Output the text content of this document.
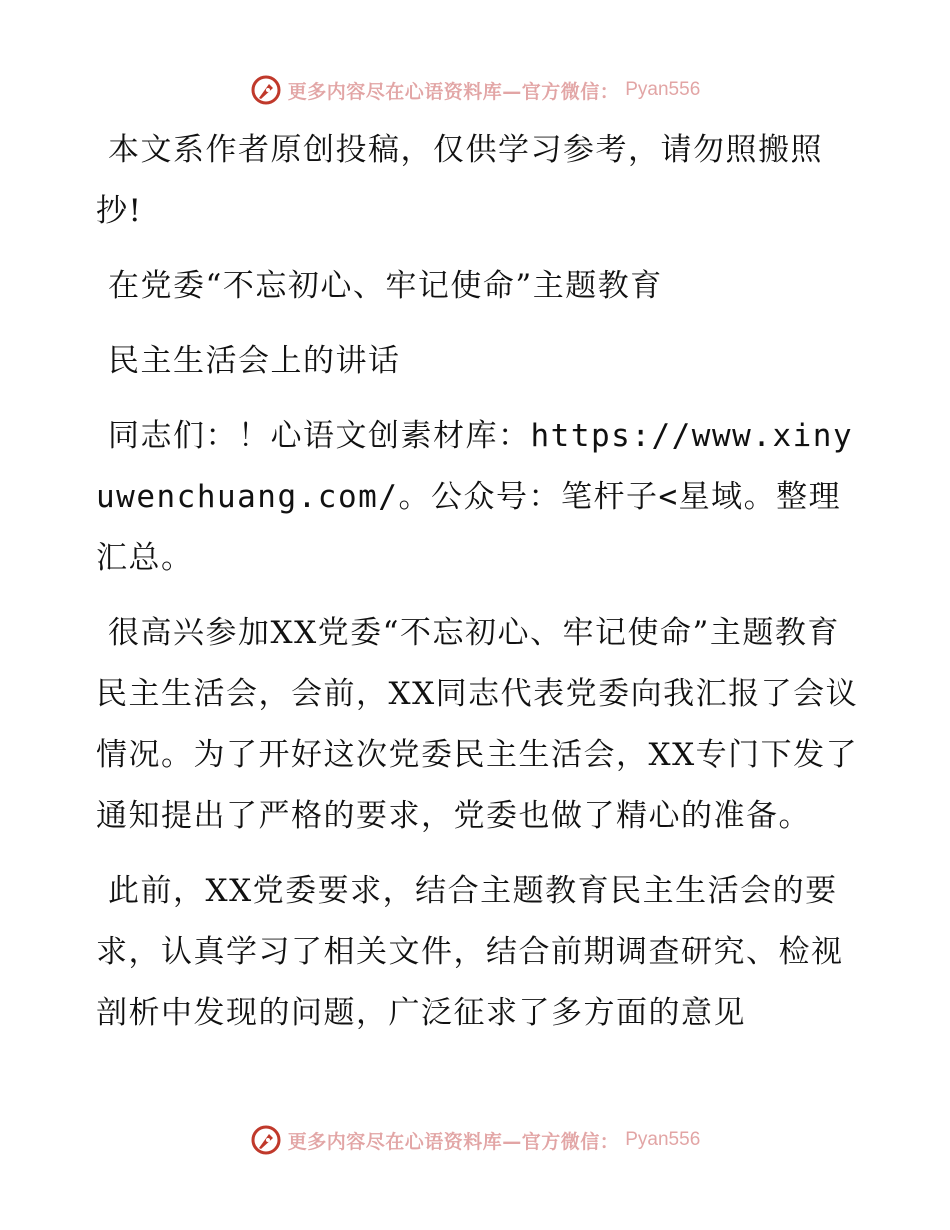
更多内容尽在心语资料库—官方微信： Pyan556

本文系作者原创投稿，仅供学习参考，请勿照搬照抄!

在党委“不忘初心、牢记使命”主题教育

民主生活会上的讲话

同志们：！心语文创素材库：https://www.xinyuwenchuang.com/。公众号：笔杆子<星域。整理汇总。

很高兴参加XX党委“不忘初心、牢记使命”主题教育民主生活会，会前，XX同志代表党委向我汇报了会议情况。为了开好这次党委民主生活会，XX专门下发了通知提出了严格的要求，党委也做了精心的准备。

此前，XX党委要求，结合主题教育民主生活会的要求，认真学习了相关文件，结合前期调查研究、检视剖析中发现的问题，广泛征求了多方面的意见

更多内容尽在心语资料库—官方微信： Pyan556
